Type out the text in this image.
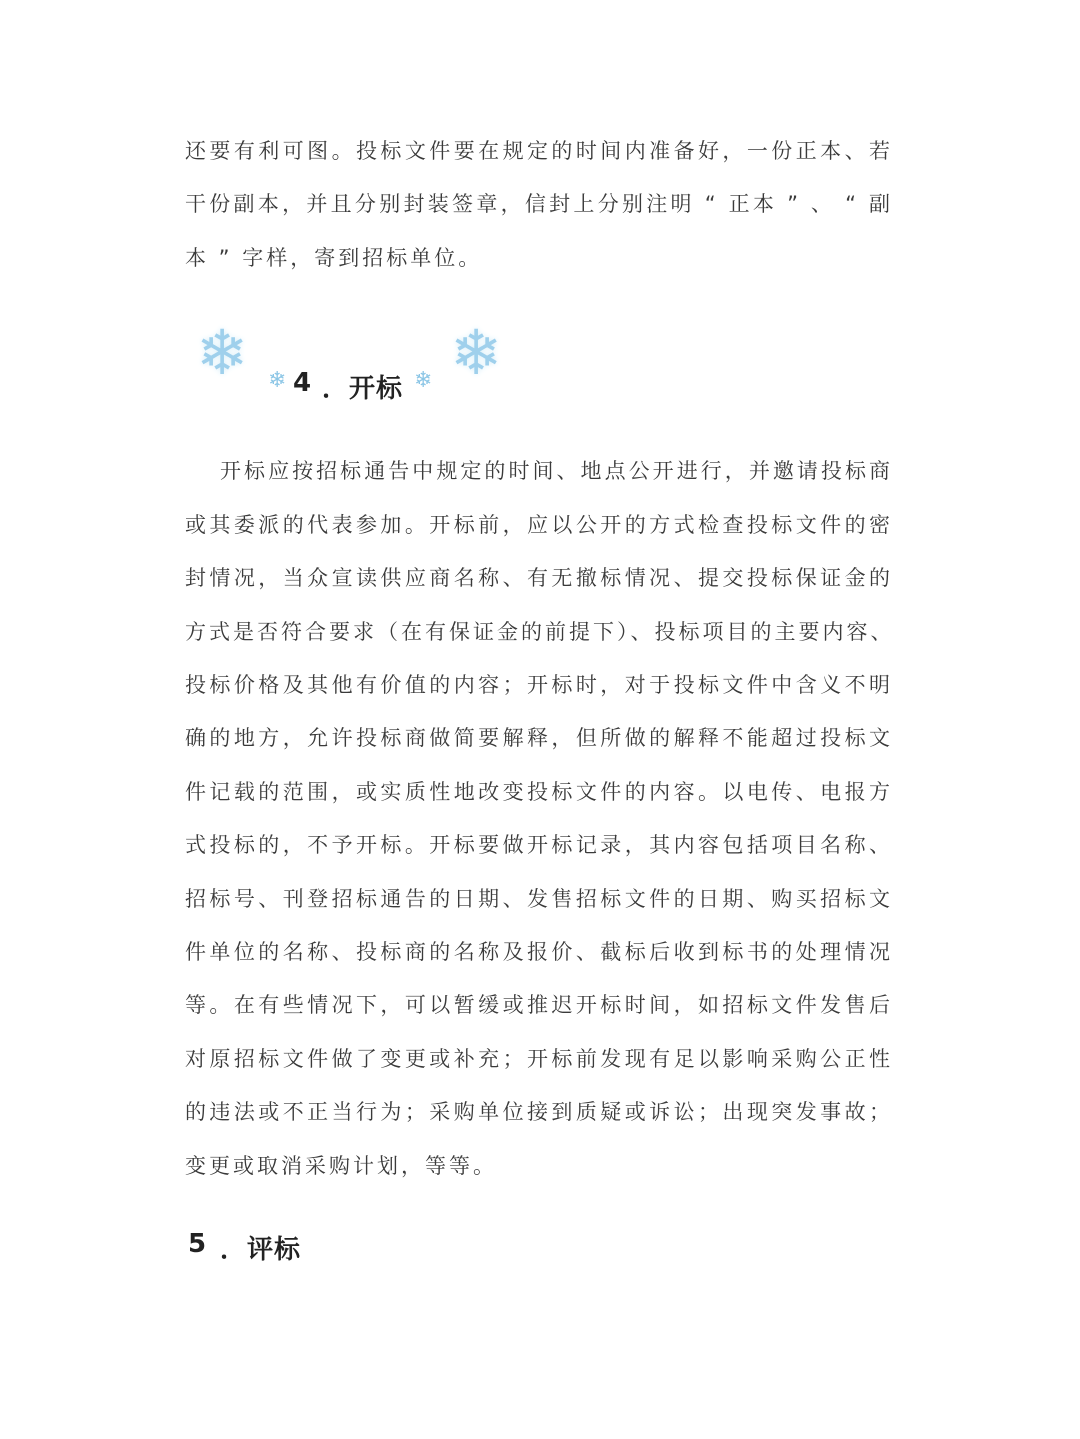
还要有利可图。投标文件要在规定的时间内准备好，一份正本、若
干份副本，并且分别封装签章，信封上分别注明 “ 正本 ” 、 “ 副
本 ” 字样，寄到招标单位。
❄ ❄ 4 ．开标 ❄ ❄
开标应按招标通告中规定的时间、地点公开进行，并邀请投标商
或其委派的代表参加。开标前，应以公开的方式检查投标文件的密
封情况，当众宣读供应商名称、有无撤标情况、提交投标保证金的
方式是否符合要求（在有保证金的前提下）、投标项目的主要内容、
投标价格及其他有价值的内容；开标时，对于投标文件中含义不明
确的地方，允许投标商做简要解释，但所做的解释不能超过投标文
件记载的范围，或实质性地改变投标文件的内容。以电传、电报方
式投标的，不予开标。开标要做开标记录，其内容包括项目名称、
招标号、刊登招标通告的日期、发售招标文件的日期、购买招标文
件单位的名称、投标商的名称及报价、截标后收到标书的处理情况
等。在有些情况下，可以暂缓或推迟开标时间，如招标文件发售后
对原招标文件做了变更或补充；开标前发现有足以影响采购公正性
的违法或不正当行为；采购单位接到质疑或诉讼；出现突发事故；
变更或取消采购计划，等等。
5 ．评标
